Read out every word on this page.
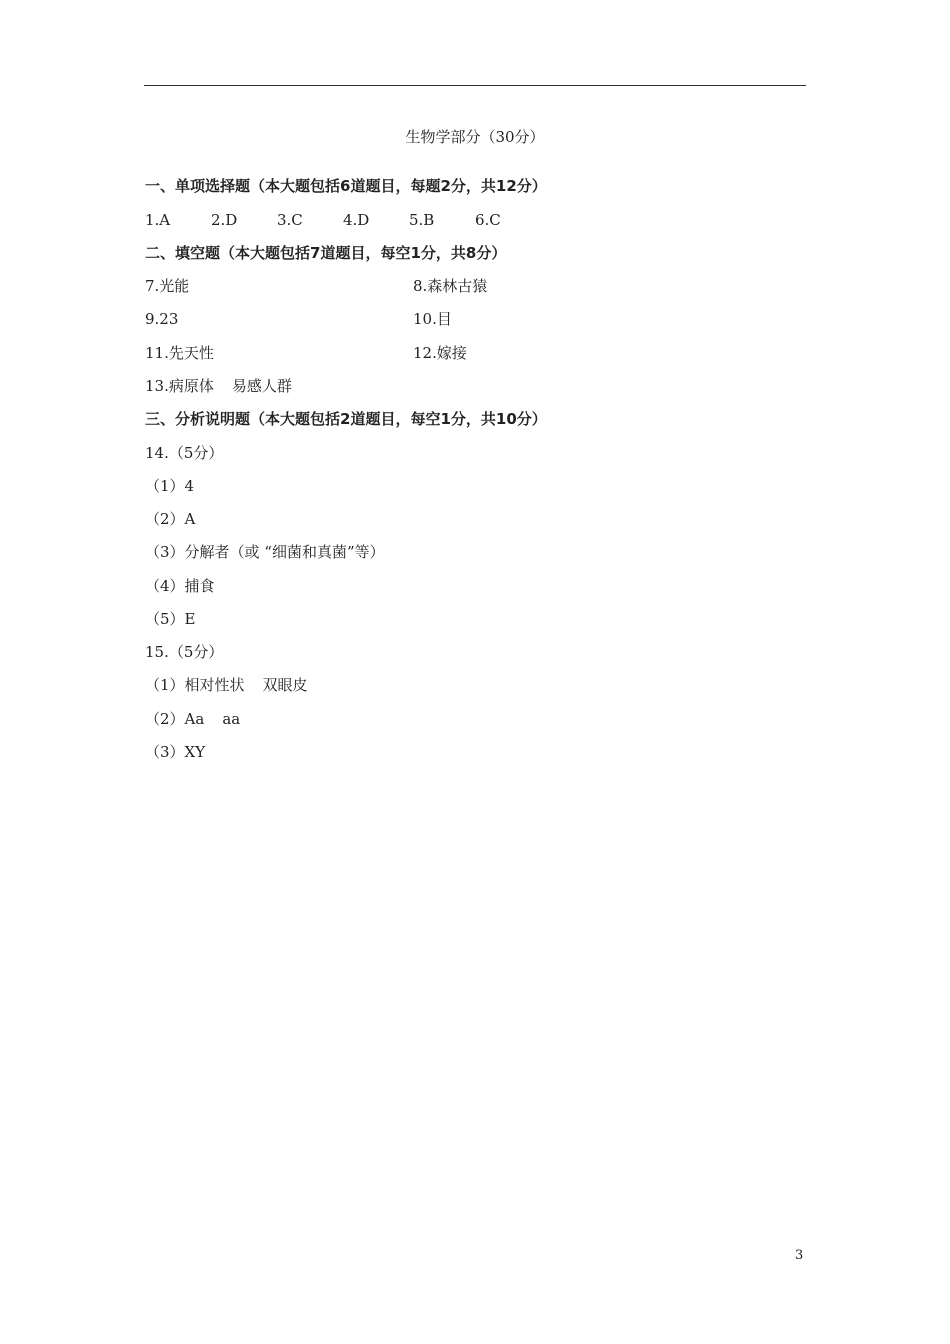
生物学部分（30分）
一、单项选择题（本大题包括6道题目，每题2分，共12分）
1.A	2.D	3.C	4.D	5.B	6.C
二、填空题（本大题包括7道题目，每空1分，共8分）
7.光能	8.森林古猿
9.23	10.目
11.先天性	12.嫁接
13.病原体 易感人群
三、分析说明题（本大题包括2道题目，每空1分，共10分）
14.（5分）
（1）4
（2）A
（3）分解者（或 “细菌和真菌”等）
（4）捕食
（5）E
15.（5分）
（1）相对性状 双眼皮
（2）Aa aa
（3）XY
3
